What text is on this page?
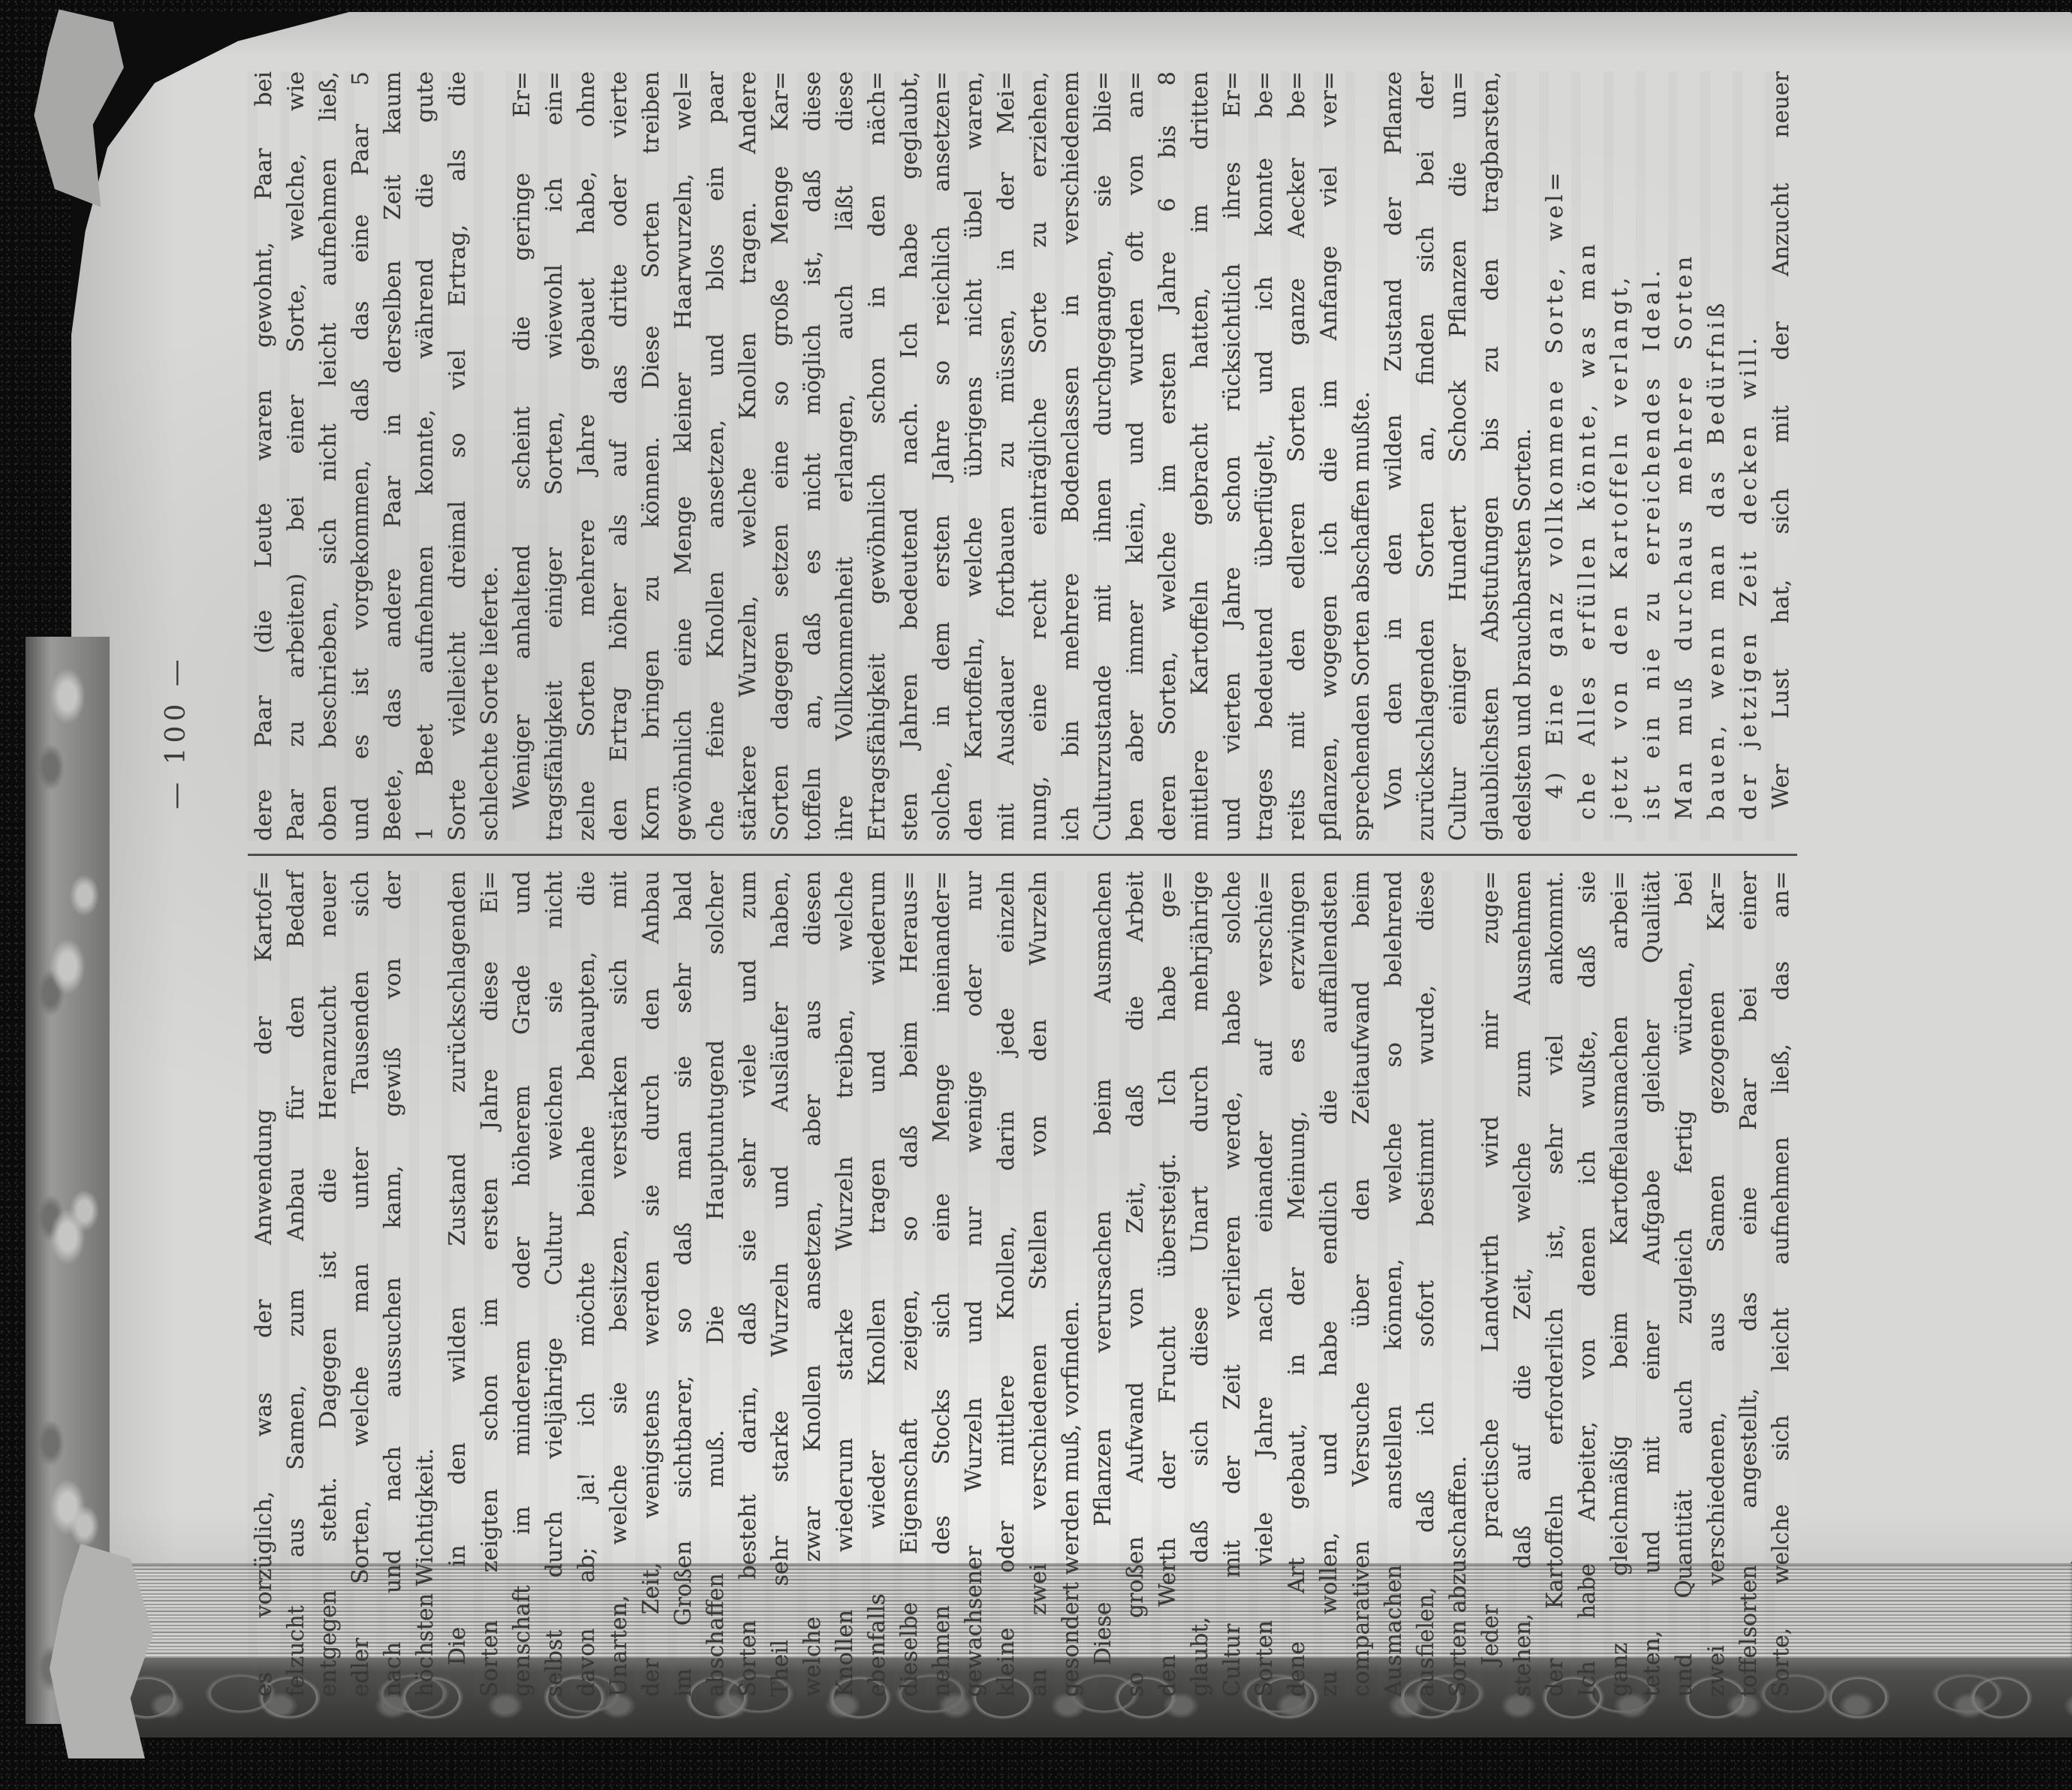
— 100 —
es vorzüglich, was der Anwendung der Kartof= felzucht aus Samen, zum Anbau für den Bedarf entgegen steht. Dagegen ist die Heranzucht neuer edler Sorten, welche man unter Tausenden sich nach und nach aussuchen kann, gewiß von der höchsten Wichtigkeit. Die in den wilden Zustand zurückschlagenden Sorten zeigten schon im ersten Jahre diese Ei= genschaft im minderem oder höherem Grade und selbst durch vieljährige Cultur weichen sie nicht davon ab; ja! ich möchte beinahe behaupten, die Unarten, welche sie besitzen, verstärken sich mit der Zeit, wenigstens werden sie durch den Anbau im Großen sichtbarer, so daß man sie sehr bald abschaffen muß. Die Hauptuntugend solcher Sorten besteht darin, daß sie sehr viele und zum Theil sehr starke Wurzeln und Ausläufer haben, welche zwar Knollen ansetzen, aber aus diesen Knollen wiederum starke Wurzeln treiben, welche ebenfalls wieder Knollen tragen und wiederum dieselbe Eigenschaft zeigen, so daß beim Heraus= nehmen des Stocks sich eine Menge ineinander= gewachsener Wurzeln und nur wenige oder nur kleine oder mittlere Knollen, darin jede einzeln an zwei verschiedenen Stellen von den Wurzeln gesondert werden muß, vorfinden. Diese Pflanzen verursachen beim Ausmachen so großen Aufwand von Zeit, daß die Arbeit den Werth der Frucht übersteigt. Ich habe ge= glaubt, daß sich diese Unart durch mehrjährige Cultur mit der Zeit verlieren werde, habe solche Sorten viele Jahre nach einander auf verschie= dene Art gebaut, in der Meinung, es erzwingen zu wollen, und habe endlich die auffallendsten comparativen Versuche über den Zeitaufwand beim Ausmachen anstellen können, welche so belehrend ausfielen, daß ich sofort bestimmt wurde, diese Sorten abzuschaffen. Jeder practische Landwirth wird mir zuge= stehen, daß auf die Zeit, welche zum Ausnehmen der Kartoffeln erforderlich ist, sehr viel ankommt. Ich habe Arbeiter, von denen ich wußte, daß sie ganz gleichmäßig beim Kartoffelausmachen arbei= teten, und mit einer Aufgabe gleicher Qualität und Quantität auch zugleich fertig würden, bei zwei verschiedenen, aus Samen gezogenen Kar= toffelsorten angestellt, das eine Paar bei einer Sorte, welche sich leicht aufnehmen ließ, das an=
dere Paar (die Leute waren gewohnt, Paar bei Paar zu arbeiten) bei einer Sorte, welche, wie oben beschrieben, sich nicht leicht aufnehmen ließ, und es ist vorgekommen, daß das eine Paar 5 Beete, das andere Paar in derselben Zeit kaum 1 Beet aufnehmen konnte, während die gute Sorte vielleicht dreimal so viel Ertrag, als die schlechte Sorte lieferte. Weniger anhaltend scheint die geringe Er= tragsfähigkeit einiger Sorten, wiewohl ich ein= zelne Sorten mehrere Jahre gebauet habe, ohne den Ertrag höher als auf das dritte oder vierte Korn bringen zu können. Diese Sorten treiben gewöhnlich eine Menge kleiner Haarwurzeln, wel= che feine Knollen ansetzen, und blos ein paar stärkere Wurzeln, welche Knollen tragen. Andere Sorten dagegen setzen eine so große Menge Kar= toffeln an, daß es nicht möglich ist, daß diese ihre Vollkommenheit erlangen, auch läßt diese Ertragsfähigkeit gewöhnlich schon in den näch= sten Jahren bedeutend nach. Ich habe geglaubt, solche, in dem ersten Jahre so reichlich ansetzen= den Kartoffeln, welche übrigens nicht übel waren, mit Ausdauer fortbauen zu müssen, in der Mei= nung, eine recht einträgliche Sorte zu erziehen, ich bin mehrere Bodenclassen in verschiedenem Culturzustande mit ihnen durchgegangen, sie blie= ben aber immer klein, und wurden oft von an= deren Sorten, welche im ersten Jahre 6 bis 8 mittlere Kartoffeln gebracht hatten, im dritten und vierten Jahre schon rücksichtlich ihres Er= trages bedeutend überflügelt, und ich konnte be= reits mit den edleren Sorten ganze Aecker be= pflanzen, wogegen ich die im Anfange viel ver= sprechenden Sorten abschaffen mußte. Von den in den wilden Zustand der Pflanze zurückschlagenden Sorten an, finden sich bei der Cultur einiger Hundert Schock Pflanzen die un= glaublichsten Abstufungen bis zu den tragbarsten, edelsten und brauchbarsten Sorten. 4) Eine ganz vollkommene Sorte, wel= che Alles erfüllen könnte, was man jetzt von den Kartoffeln verlangt, ist ein nie zu erreichendes Ideal. Man muß durchaus mehrere Sorten bauen, wenn man das Bedürfniß der jetzigen Zeit decken will. Wer Lust hat, sich mit der Anzucht neuer
